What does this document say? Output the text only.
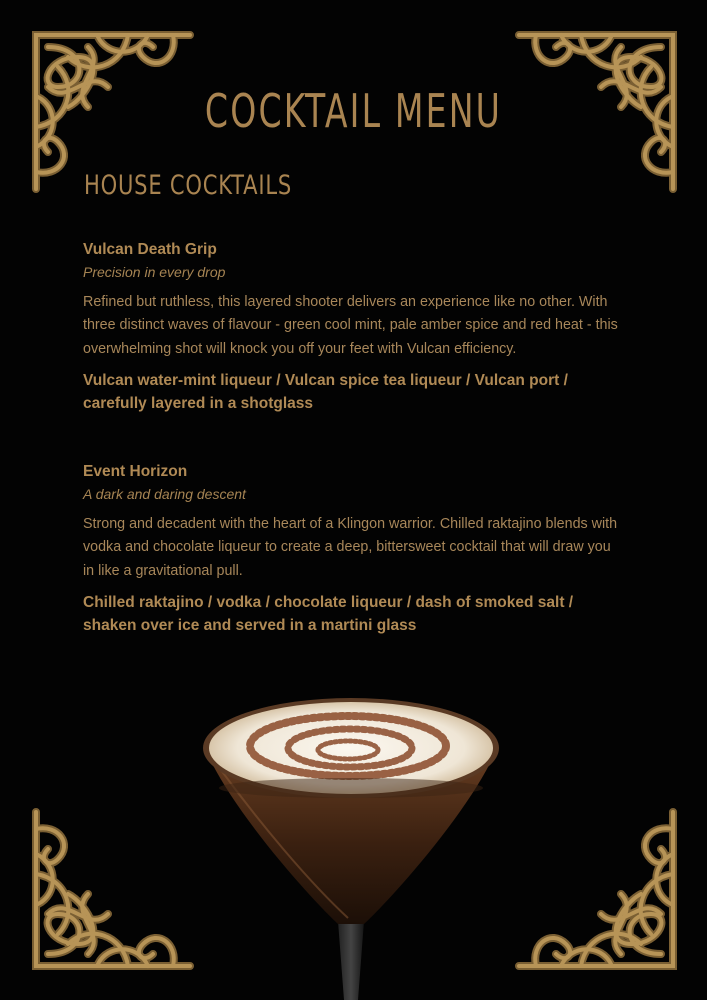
COCKTAIL MENU
HOUSE COCKTAILS
Vulcan Death Grip
Precision in every drop
Refined but ruthless, this layered shooter delivers an experience like no other. With three distinct waves of flavour - green cool mint, pale amber spice and red heat - this overwhelming shot will knock you off your feet with Vulcan efficiency.
Vulcan water-mint liqueur / Vulcan spice tea liqueur / Vulcan port / carefully layered in a shotglass
Event Horizon
A dark and daring descent
Strong and decadent with the heart of a Klingon warrior. Chilled raktajino blends with vodka and chocolate liqueur to create a deep, bittersweet cocktail that will draw you in like a gravitational pull.
Chilled raktajino / vodka / chocolate liqueur / dash of smoked salt / shaken over ice and served in a martini glass
